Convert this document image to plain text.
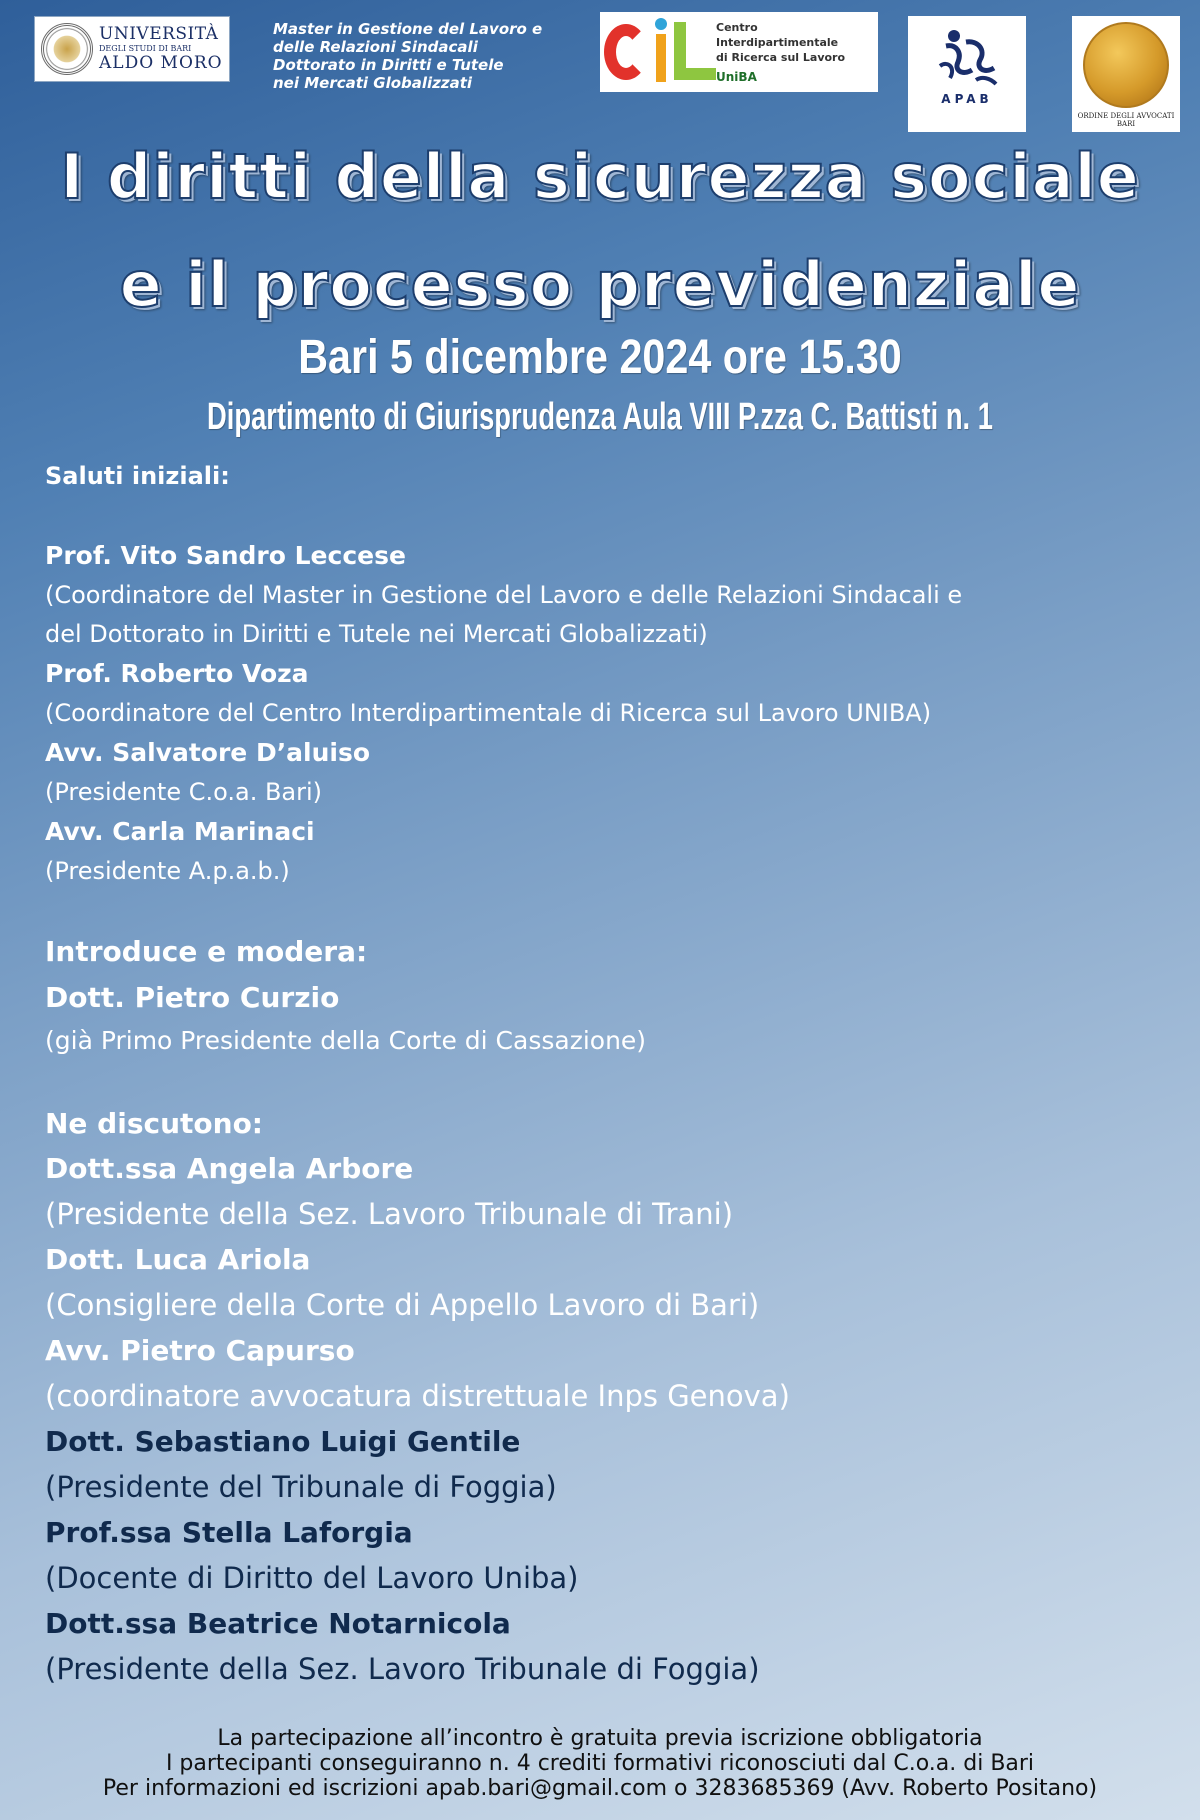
UNIVERSITÀ
DEGLI STUDI DI BARI
ALDO MORO
Master in Gestione del Lavoro e
delle Relazioni Sindacali
Dottorato in Diritti e Tutele
nei Mercati Globalizzati
Centro Interdipartimentale
di Ricerca sul Lavoro
UniBA
APAB

ORDINE DEGLI AVVOCATI
BARI
I diritti della sicurezza sociale
e il processo previdenziale
Bari 5 dicembre 2024 ore 15.30
Dipartimento di Giurisprudenza Aula VIII P.zza C. Battisti n. 1
Saluti iniziali:
Prof. Vito Sandro Leccese
(Coordinatore del Master in Gestione del Lavoro e delle Relazioni Sindacali e
del Dottorato in Diritti e Tutele nei Mercati Globalizzati)
Prof. Roberto Voza
(Coordinatore del Centro Interdipartimentale di Ricerca sul Lavoro UNIBA)
Avv. Salvatore D’aluiso
(Presidente C.o.a. Bari)
Avv. Carla Marinaci
(Presidente A.p.a.b.)
Introduce e modera:
Dott. Pietro Curzio
(già Primo Presidente della Corte di Cassazione)
Ne discutono:
Dott.ssa Angela Arbore
(Presidente della Sez. Lavoro Tribunale di Trani)
Dott. Luca Ariola
(Consigliere della Corte di Appello Lavoro di Bari)
Avv. Pietro Capurso
(coordinatore avvocatura distrettuale Inps Genova)
Dott. Sebastiano Luigi Gentile
(Presidente del Tribunale di Foggia)
Prof.ssa Stella Laforgia
(Docente di Diritto del Lavoro Uniba)
Dott.ssa Beatrice Notarnicola
(Presidente della Sez. Lavoro Tribunale di Foggia)
La partecipazione all’incontro è gratuita previa iscrizione obbligatoria
I partecipanti conseguiranno n. 4 crediti formativi riconosciuti dal C.o.a. di Bari
Per informazioni ed iscrizioni apab.bari@gmail.com o 3283685369 (Avv. Roberto Positano)
